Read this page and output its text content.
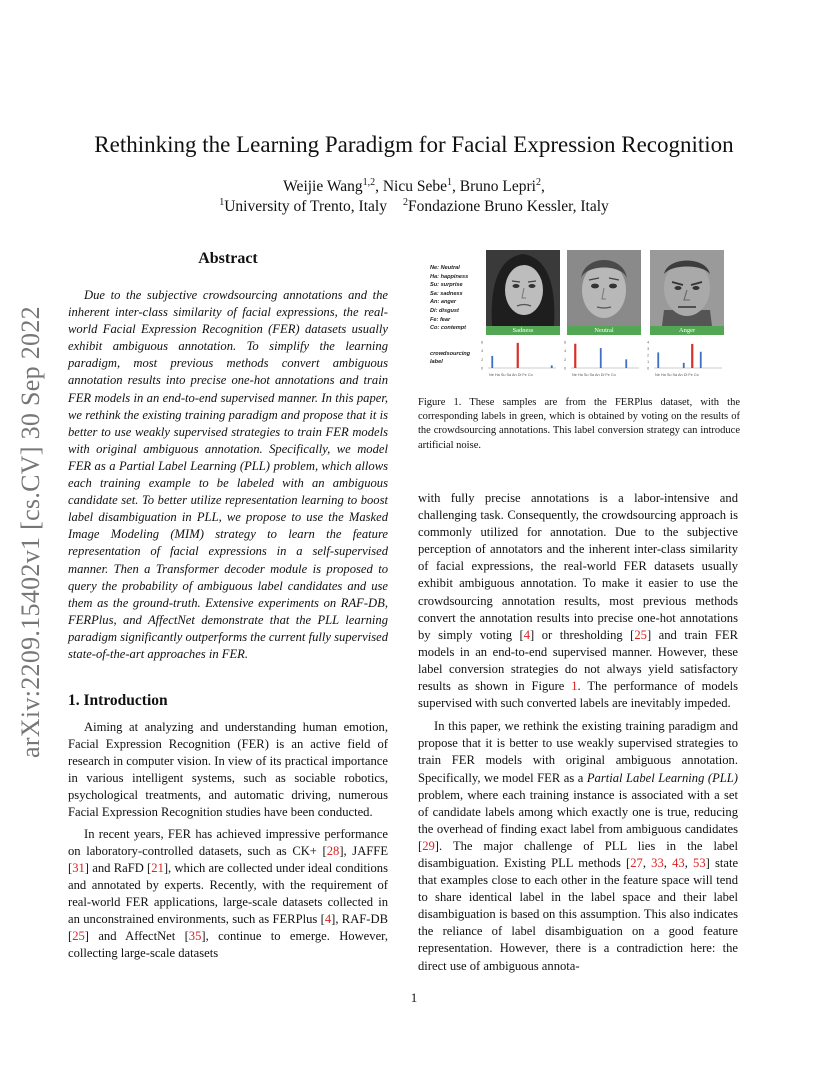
arXiv:2209.15402v1 [cs.CV] 30 Sep 2022
Rethinking the Learning Paradigm for Facial Expression Recognition
Weijie Wang$^{1,2}$, Nicu Sebe$^1$, Bruno Lepri$^2$,
$^1$University of Trento, Italy $^2$Fondazione Bruno Kessler, Italy
Abstract

Due to the subjective crowdsourcing annotations and the inherent inter-class similarity of facial expressions, the real-world Facial Expression Recognition (FER) datasets usually exhibit ambiguous annotation. To simplify the learning paradigm, most previous methods convert ambiguous annotation results into precise one-hot annotations and train FER models in an end-to-end supervised manner. In this paper, we rethink the existing training paradigm and propose that it is better to use weakly supervised strategies to train FER models with original ambiguous annotation. Specifically, we model FER as a Partial Label Learning (PLL) problem, which allows each training example to be labeled with an ambiguous candidate set. To better utilize representation learning to boost label disambiguation in PLL, we propose to use the Masked Image Modeling (MIM) strategy to learn the feature representation of facial expressions in a self-supervised manner. Then a Transformer decoder module is proposed to query the probability of ambiguous label candidates and use them as the ground-truth. Extensive experiments on RAF-DB, FERPlus, and AffectNet demonstrate that the PLL learning paradigm significantly outperforms the current fully supervised state-of-the-art approaches in FER.

1. Introduction

Aiming at analyzing and understanding human emotion, Facial Expression Recognition (FER) is an active field of research in computer vision. In view of its practical importance in various intelligent systems, such as sociable robotics, psychological treatments, and automatic driving, numerous Facial Expression Recognition studies have been conducted.

In recent years, FER has achieved impressive performance on laboratory-controlled datasets, such as CK+ [28], JAFFE [31] and RaFD [21], which are collected under ideal conditions and annotated by experts. Recently, with the requirement of real-world FER applications, large-scale datasets collected in an unconstrained environments, such as FERPlus [4], RAF-DB [25] and AffectNet [35], continue to emerge. However, collecting large-scale datasets

Ne: Neutral
Ha: happiness
Su: surprise
Sa: sadness
An: anger
Di: disgust
Fe: fear
Co: contempt
crowdsourcing
label
Sadness	Neutral	Anger
6
4
2
0
Ne Ha Su Sa An Di Fe Co
6
4
2
0
Ne Ha Su Sa An Di Fe Co
4
3
2
1
0
Ne Ha Su Sa An Di Fe Co

Figure 1. These samples are from the FERPlus dataset, with the corresponding labels in green, which is obtained by voting on the results of the crowdsourcing annotations. This label conversion strategy can introduce artificial noise.

with fully precise annotations is a labor-intensive and challenging task. Consequently, the crowdsourcing approach is commonly utilized for annotation. Due to the subjective perception of annotators and the inherent inter-class similarity of facial expressions, the real-world FER datasets usually exhibit ambiguous annotation. To make it easier to use the crowdsourcing annotation results, most previous methods convert the annotation results into precise one-hot annotations by simply voting [4] or thresholding [25] and train FER models in an end-to-end supervised manner. However, these label conversion strategies do not always yield satisfactory results as shown in Figure 1. The performance of models supervised with such converted labels are inevitably impeded.

In this paper, we rethink the existing training paradigm and propose that it is better to use weakly supervised strategies to train FER models with original ambiguous annotation. Specifically, we model FER as a Partial Label Learning (PLL) problem, where each training instance is associated with a set of candidate labels among which exactly one is true, reducing the overhead of finding exact label from ambiguous candidates [29]. The major challenge of PLL lies in the label disambiguation. Existing PLL methods [27, 33, 43, 53] state that examples close to each other in the feature space will tend to share identical label in the label space and their label disambiguation is based on this assumption. This also indicates the reliance of label disambiguation on a good feature representation. However, there is a contradiction here: the direct use of ambiguous annota-

1
